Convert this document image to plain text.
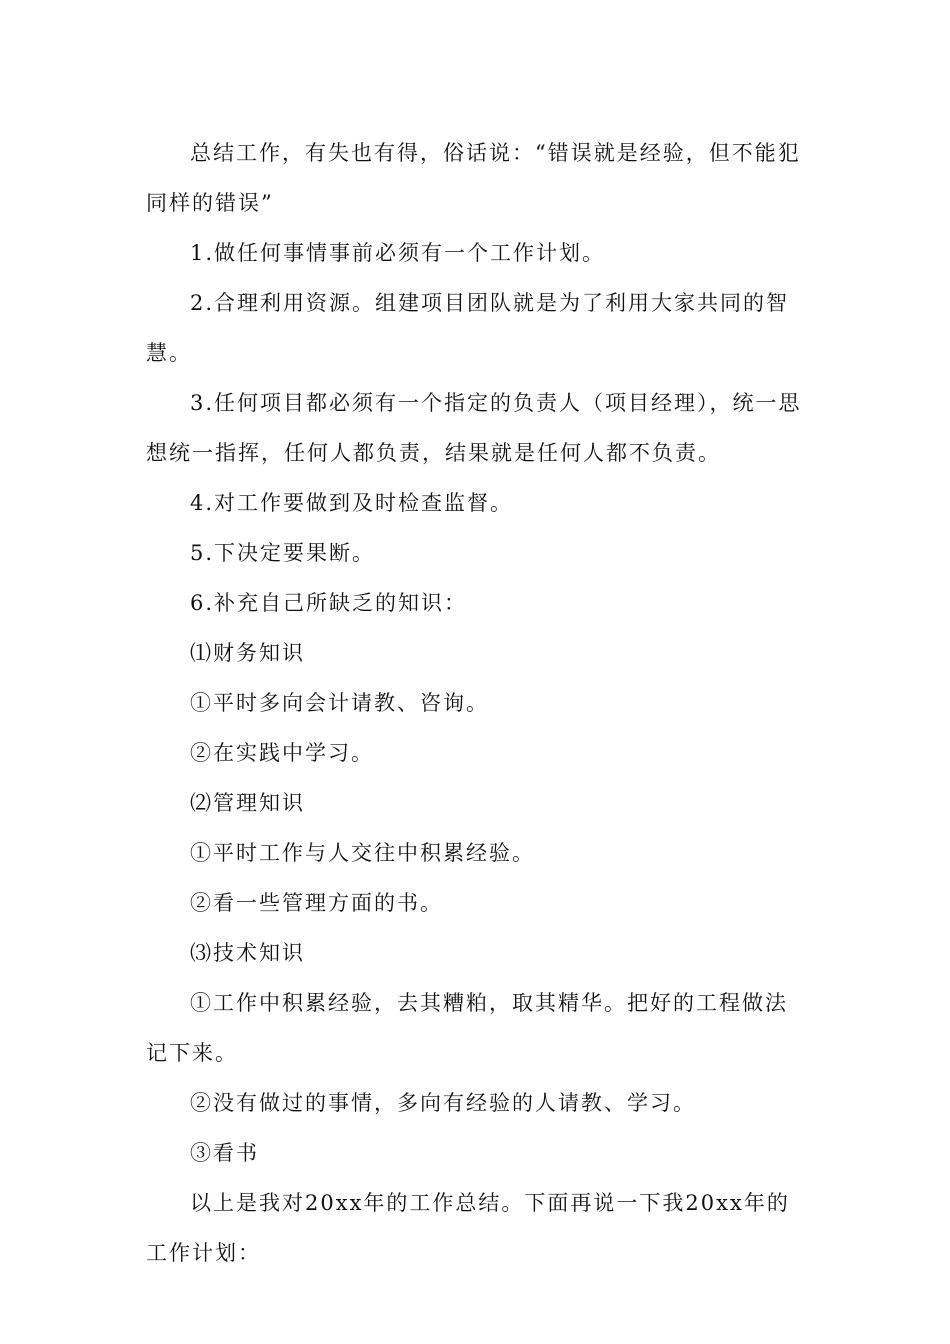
总结工作，有失也有得，俗话说：“错误就是经验，但不能犯同样的错误”

1.做任何事情事前必须有一个工作计划。

2.合理利用资源。组建项目团队就是为了利用大家共同的智慧。

3.任何项目都必须有一个指定的负责人（项目经理），统一思想统一指挥，任何人都负责，结果就是任何人都不负责。

4.对工作要做到及时检查监督。

5.下决定要果断。

6.补充自己所缺乏的知识：

⑴财务知识

①平时多向会计请教、咨询。

②在实践中学习。

⑵管理知识

①平时工作与人交往中积累经验。

②看一些管理方面的书。

⑶技术知识

①工作中积累经验，去其糟粕，取其精华。把好的工程做法记下来。

②没有做过的事情，多向有经验的人请教、学习。

③看书

以上是我对20xx年的工作总结。下面再说一下我20xx年的工作计划：
